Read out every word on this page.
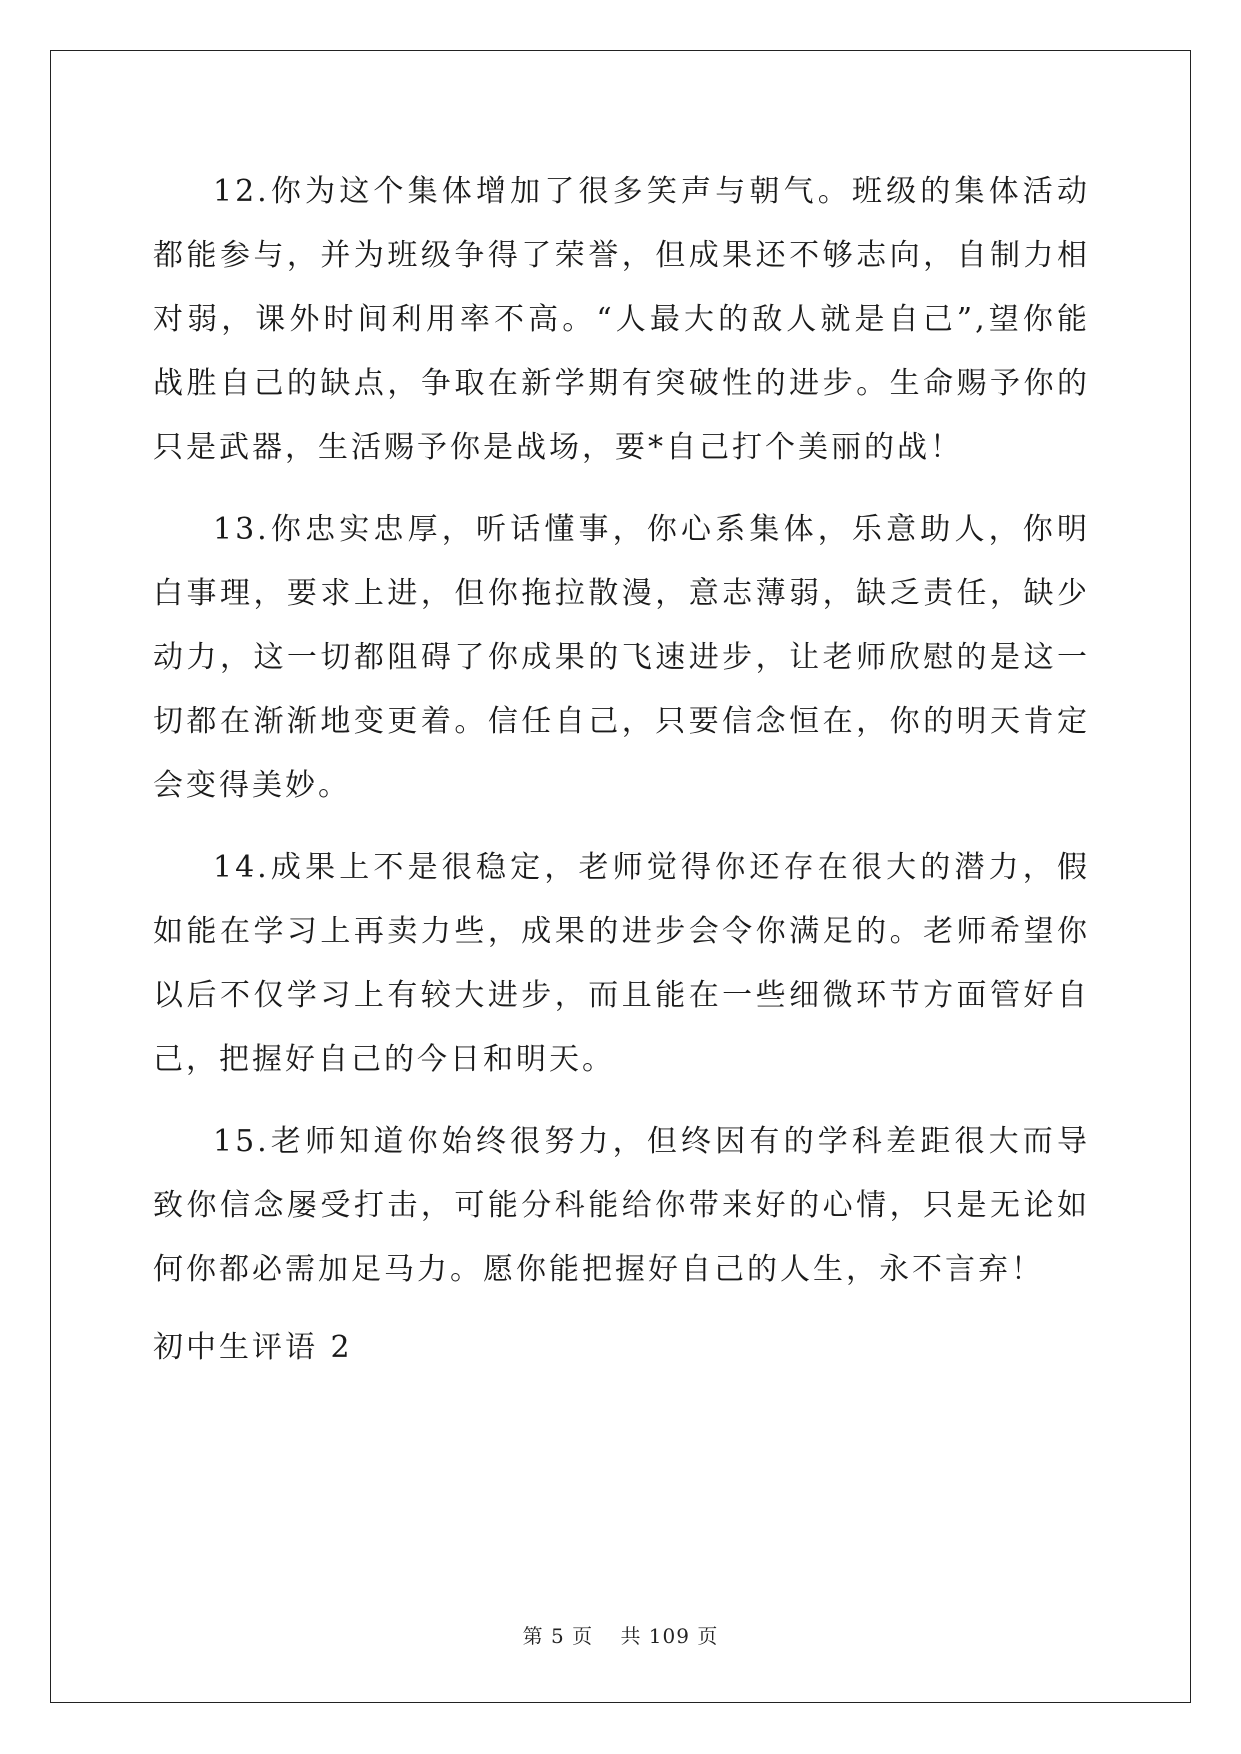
12.你为这个集体增加了很多笑声与朝气。班级的集体活动都能参与，并为班级争得了荣誉，但成果还不够志向，自制力相对弱，课外时间利用率不高。“人最大的敌人就是自己”,望你能战胜自己的缺点，争取在新学期有突破性的进步。生命赐予你的只是武器，生活赐予你是战场，要*自己打个美丽的战！

13.你忠实忠厚，听话懂事，你心系集体，乐意助人，你明白事理，要求上进，但你拖拉散漫，意志薄弱，缺乏责任，缺少动力，这一切都阻碍了你成果的飞速进步，让老师欣慰的是这一切都在渐渐地变更着。信任自己，只要信念恒在，你的明天肯定会变得美妙。

14.成果上不是很稳定，老师觉得你还存在很大的潜力，假如能在学习上再卖力些，成果的进步会令你满足的。老师希望你以后不仅学习上有较大进步，而且能在一些细微环节方面管好自己，把握好自己的今日和明天。

15.老师知道你始终很努力，但终因有的学科差距很大而导致你信念屡受打击，可能分科能给你带来好的心情，只是无论如何你都必需加足马力。愿你能把握好自己的人生，永不言弃！

初中生评语 2
第 5 页 共 109 页
